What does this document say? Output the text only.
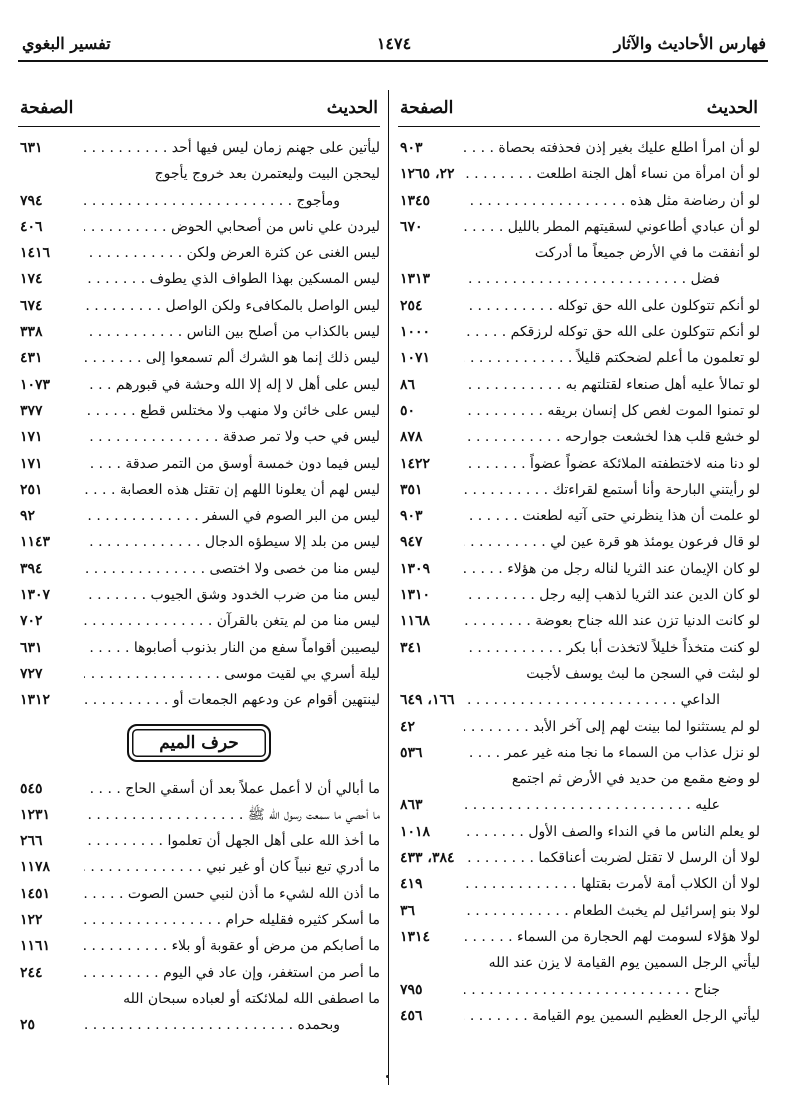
فهارس الأحاديث والآثار
١٤٧٤
تفسير البغوي
الحديث
الصفحة
لو أن امرأ اطلع عليك بغير إذن فحذفته بحصاة . . .
٩٠٣
لو أن امرأة من نساء أهل الجنة اطلعت . . .
٢٢، ١٢٦٥
لو أن رضاضة مثل هذه . . .
١٣٤٥
لو أن عبادي أطاعوني لسقيتهم المطر بالليل . . .
٦٧٠
لو أنفقت ما في الأرض جميعاً ما أدركت
فضل . . .
١٣١٣
لو أنكم تتوكلون على الله حق توكله . . .
٢٥٤
لو أنكم تتوكلون على الله حق توكله لرزقكم . . .
١٠٠٠
لو تعلمون ما أعلم لضحكتم قليلاً . . .
١٠٧١
لو تمالأ عليه أهل صنعاء لقتلتهم به . . .
٨٦
لو تمنوا الموت لغص كل إنسان بريقه . . .
٥٠
لو خشع قلب هذا لخشعت جوارحه . . .
٨٧٨
لو دنا منه لاختطفته الملائكة عضواً عضواً . . .
١٤٢٢
لو رأيتني البارحة وأنا أستمع لقراءتك . . .
٣٥١
لو علمت أن هذا ينظرني حتى آتيه لطعنت . . .
٩٠٣
لو قال فرعون يومئذ هو قرة عين لي . . .
٩٤٧
لو كان الإيمان عند الثريا لناله رجل من هؤلاء . . .
١٣٠٩
لو كان الدين عند الثريا لذهب إليه رجل . . .
١٣١٠
لو كانت الدنيا تزن عند الله جناح بعوضة . . .
١١٦٨
لو كنت متخذاً خليلاً لاتخذت أبا بكر . . .
٣٤١
لو لبثت في السجن ما لبث يوسف لأجبت
الداعي . . .
١٦٦، ٦٤٩
لو لم يستثنوا لما بينت لهم إلى آخر الأبد . . .
٤٢
لو نزل عذاب من السماء ما نجا منه غير عمر . . .
٥٣٦
لو وضع مقمع من حديد في الأرض ثم اجتمع
عليه . . .
٨٦٣
لو يعلم الناس ما في النداء والصف الأول . . .
١٠١٨
لولا أن الرسل لا تقتل لضربت أعناقكما . . .
٣٨٤، ٤٣٣
لولا أن الكلاب أمة لأمرت بقتلها . . .
٤١٩
لولا بنو إسرائيل لم يخبث الطعام . . .
٣٦
لولا هؤلاء لسومت لهم الحجارة من السماء . . .
١٣١٤
ليأتي الرجل السمين يوم القيامة لا يزن عند الله
جناح . . .
٧٩٥
ليأتي الرجل العظيم السمين يوم القيامة . . .
٤٥٦
الحديث
الصفحة
ليأتين على جهنم زمان ليس فيها أحد . . .
٦٣١
ليحجن البيت وليعتمرن بعد خروج يأجوج
ومأجوج . . .
٧٩٤
ليردن علي ناس من أصحابي الحوض . . .
٤٠٦
ليس الغنى عن كثرة العرض ولكن . . .
١٤١٦
ليس المسكين بهذا الطواف الذي يطوف . . .
١٧٤
ليس الواصل بالمكافىء ولكن الواصل . . .
٦٧٤
ليس بالكذاب من أصلح بين الناس . . .
٣٣٨
ليس ذلك إنما هو الشرك ألم تسمعوا إلى . . .
٤٣١
ليس على أهل لا إله إلا الله وحشة في قبورهم . . .
١٠٧٣
ليس على خائن ولا منهب ولا مختلس قطع . . .
٣٧٧
ليس في حب ولا تمر صدقة . . .
١٧١
ليس فيما دون خمسة أوسق من التمر صدقة . . .
١٧١
ليس لهم أن يعلونا اللهم إن تقتل هذه العصابة . . .
٢٥١
ليس من البر الصوم في السفر . . .
٩٢
ليس من بلد إلا سيطؤه الدجال . . .
١١٤٣
ليس منا من خصى ولا اختصى . . .
٣٩٤
ليس منا من ضرب الخدود وشق الجيوب . . .
١٣٠٧
ليس منا من لم يتغن بالقرآن . . .
٧٠٢
ليصيبن أقواماً سفع من النار بذنوب أصابوها . . .
٦٣١
ليلة أسري بي لقيت موسى . . .
٧٢٧
لينتهين أقوام عن ودعهم الجمعات أو . . .
١٣١٢
حرف الميم
ما أبالي أن لا أعمل عملاً بعد أن أسقي الحاج . . .
٥٤٥
ما أحصي ما سمعت رسول الله ﷺ . . .
١٢٣١
ما أخذ الله على أهل الجهل أن تعلموا . . .
٢٦٦
ما أدري تبع نبياً كان أو غير نبي . . .
١١٧٨
ما أذن الله لشيء ما أذن لنبي حسن الصوت . . .
١٤٥١
ما أسكر كثيره فقليله حرام . . .
١٢٢
ما أصابكم من مرض أو عقوبة أو بلاء . . .
١١٦١
ما أصر من استغفر، وإن عاد في اليوم . . .
٢٤٤
ما اصطفى الله لملائكته أو لعباده سبحان الله
وبحمده . . .
٢٥
